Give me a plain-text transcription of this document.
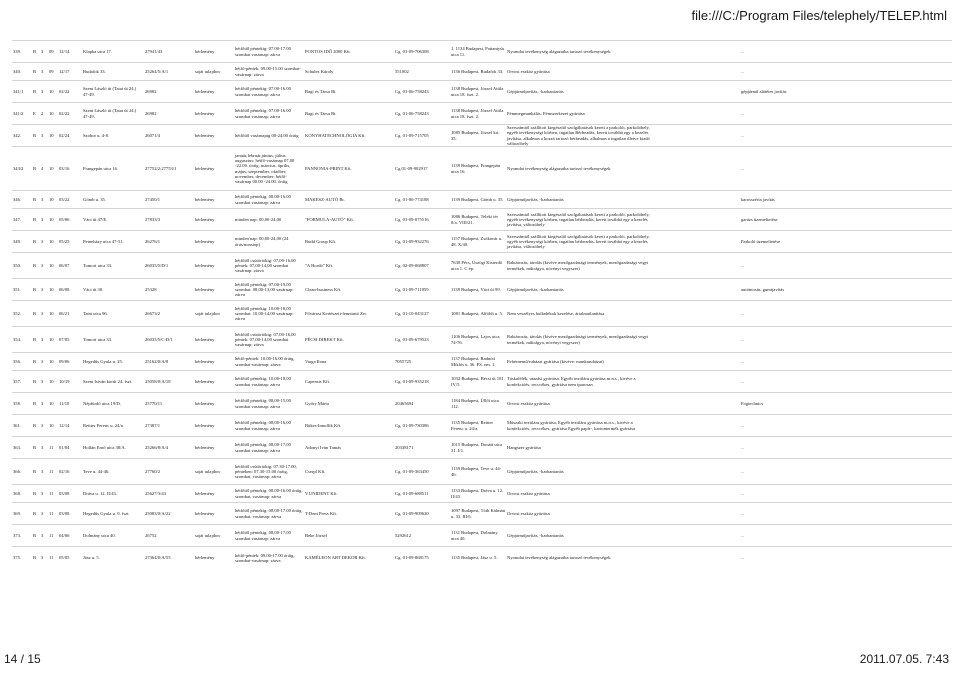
file:///C:/Program Files/telephely/TELEP.html
339.	B	3	09	12/14	Klapka utca 17.	27941/43	bérlemény	hétfőtől péntekig: 07.00-17.00 szombat vasárnap: zárva	PONTOS IDŐ 2000 Kft.	Cg. 01-09-706308	1. 1134 Budapest, Pattantyús utca 11.	Nyomdai tevékenység alágazatba tartozó tevékenységek		...
340.	B	3	09	12/17	Budafok 33.	25264/5/A/1	saját tulajdon	hétfő-péntek: 09.00-15.00 szombat-vasárnap: zárva	Schulez Károly	551002	1136 Budapest, Budafok 33.	Orvosi eszköz gyártása		...
341/1	B	3	10	02/22	Szent László út (Tatai út 24.) 47-49.	26982	bérlemény	hétfőtől péntekig: 07.00-16.00 szombat vasárnap: zárva	Bagi és Társa Bt.	Cg. 01-06-758243	1138 Budapest, József Attila utca 18. fszt. 2.	Gépjárműjavítás, -karbantartás		gépjármű alátétes javítás
341/2	E	2	10	02/22	Szent László út (Tatai út 24.) 47-49.	26982	bérlemény	hétfőtől péntekig: 07.00-16.00 szombat vasárnap: zárva	Bagi és Társa Bt.	Cg. 01-06-758243	1138 Budapest, József Attila utca 18. fszt. 2.	Fémmegmunkálás, Fémszerkezet gyártása		...
342.	B	3	10	02/24	Szobor u. 4-8.	26071/4	bérlemény	hétfőtől vasárnapig 00-24.00 óráig	KONYHATECHNOLÓGIA Kft.	Cg. 01-09-715705	1085 Budapest, József krt. 35.	Szerszámtól szállított kiegészítő szolgáltatások kereti a parkolói, parkolóhely, egyéb tevékenységi körben, ingatlan Bérbeadás, kereti továbbá egy a kezelés javítása, alkalmas a hozzá tartozó bérbeadás, alkalmas a ingatlan illetve kiadó változóhely		...
343/2	B	4	10	03/16	Frangepán utca 16.	27752/2;27753/1	bérlemény	január,február,június, július, augusztus: hétfő-vasárnap 07.00 -22.00. óráig, március, április, május, szeptember, október, november, december: hétfő-vasárnap 00.00 -24.00. óráig	PANNONIA-PRINT Kft.	Cg.01-09-902917	1139 Budapest, Frangepán utca 16.	Nyomdai tevékenység alágazatba tartozó tevékenységek		...
346.	B	3	10	03/22	Gömb u. 35.	27450/1	bérlemény	hétfőtől péntekig: 08.00-16.00 szombat vasárnap: zárva	MAKESZ-AUTÓ Bt.	Cg. 01-06-774188	1139 Budapest, Gömb u. 35.	Gépjárműjavítás, -karbantartás		karosszéria javítás
347.	B	3	10	05/06	Váci út 47/E.	27833/3	bérlemény	minden nap: 00,00-24,00	"FORMULA-AUTÓ" Kft.	Cg. 01-09-075516	1086 Budapest, Teleki tér 8/a. VIII/21.	Szerszámtól szállított kiegészítő szolgáltatások kereti a parkolói, parkolóhely, egyéb tevékenységi körben, ingatlan bérbeadás, kereti továbbá egy a kezelés javítása, változóhely		garázs üzemeltetése
349.	B	3	10	05/25	Petneházy utca 47-51.	26276/1	bérlemény	minden nap: 00,00-24,00 (24 órás/nonstop)	Budd Group Kft.	Cg. 01-09-932276	1157 Budapest, Zsókavár u. 48. X/40.	Szerszámtól szállított kiegészítő szolgáltatások kereti a parkolói, parkolóhely, egyéb tevékenységi körben, ingatlan bérbeadás, kereti továbbá egy a kezelés javítása, változóhely		Parkoló üzemeltetése
350.	B	3	10	06/07	Tomori utca 33.	26035/5/D/1	bérlemény	hétfőtől csütörtökig: 07,00-16,00 péntek: 07,00-14,00 szombat vasárnap: zárva	"A Hordó" Kft.	Cg. 02-09-068807	7630 Pécs, Üszögi Kisterdő utca 1. C ép.	Raktározás, tárolás (kivéve mezőgazdasági termények, mezőgazdasági vegyi termékek, műtrágya, növényi vegyszer)		...
351.	B	3	10	06/08	Váci út 30.	25328	bérlemény	hétfőtől péntekig: 07,00-19,00 szombat: 08,00-13,00 vasárnap: zárva	Clean-business Kft.	Cg. 01-09-711859	1139 Budapest, Váci út 99.	Gépjárműjavítás, -karbantartás		autómosás, gumijavítás
352.	B	3	10	06/21	Tatai utca 96.	26673/2	saját tulajdon	hétfőtől péntekig: 10,00-18,00 szombat: 10,00-14,00 vasárnap: zárva	Fővárosi Kertészeti-fenntartó Zrt.	Cg. 01-10-043127	1081 Budapest, Alföldi u. 5.	Nem veszélyes hulladékok kezelése, ártalmatlanítása		...
354.	B	3	10	07/05	Tomori utca 33.	26035/5/C-D/1	bérlemény	hétfőtől csütörtökig: 07,00-16,00 péntek: 07,00-14,00 szombat vasárnap: zárva	PÉCSI DIREKT Kft.	Cg. 01-09-679523	1106 Budapest, Lajos utca 74-76.	Raktározás, tárolás (kivéve mezőgazdasági termények, mezőgazdasági vegyi termékek, műtrágya, növényi vegyszer)		...
356.	B	3	10	09/06	Hegedűs Gyula u. 25.	25162/0/A/8	bérlemény	hétfő-péntek: 10.00-16.00 óráig, szombat-vasárnap: zárva	Varga Ilona	7055725	1137 Budapest, Radnóti Miklós u. 36. FS. em. 1.	Fehérnemű/ruházat gyártása (kivéve: munkaruházat)		...
357.	B	3	10	10/19	Szent István körút 24. fszt.	25058/0/A/18	bérlemény	hétfőtől péntekig: 10,00-18,00 szombat vasárnap: zárva	Capensis Kft.	Cg. 01-09-935218	1032 Budapest, Bécsi út 181. IV/5.	Táskafélék, utazási gyártása, Egyéb textiláru gyártása m.n.s., kivéve a konfekcióés, recccékes, gyártása nem iparosan		...
358.	B	3	10	11/10	Népfürdő utca 19/D.	25770/11	bérlemény	hétfőtől péntekig: 08,00-15,00 szombat vasárnap: zárva	Győry Márta	20465694	1184 Budapest, Üllői utca 112.	Orvosi eszköz gyártása		Fogtechnics
361.	B	3	10	12/14	Reitter Ferenc u. 24/a.	27387/1	bérlemény	hétfőtől péntekig: 08,00-16,00 szombat vasárnap: zárva	Bükes-Innoflik Kft.	Cg. 01-09-730386	1135 Budapest, Reitter Ferenc u. 24/a.	Műszaki textiláru gyártása, Egyéb textiláru gyártása m.n.s., kivéve a konfekcióés, recccékes, gyártása Egyéb papír-, kartontermék gyártása		...
363.	B	3	11	01/04	Hollán Ernő utca 38/A.	25266/8/A/4	bérlemény	hétfőtől péntekig: 08,00-17,00 szombat vasárnap: zárva	Adonyi Iván Tamás	20338171	1015 Budapest, Donáti utca 31. I/1.	Hangszer gyártása		...
366.	B	3	11	02/16	Teve u. 44-46.	27760/2	saját tulajdon	hétfőtől csütörtökig: 07.30-17.00, pénteken: 07.30-15.00 óráig, szombat, vasárnap: zárva	Cserpl Kft.	Cg. 01-09-363450	1139 Budapest, Teve u. 44-46.	Gépjárműjavítás, -karbantartás		...
368.	B	3	11	03/08	Dráva u. 12. II/43.	25627/3/43	bérlemény	hétfőtől péntekig: 08.00-16.00 óráig, szombat, vasárnap: zárva	V.UNIDENT Kft.	Cg. 01-09-688511	1133 Budapest, Dráva u. 12. II/43.	Orvosi eszköz gyártása		...
369.	B	3	11	03/08	Hegedűs Gyula u. 9. fszt.	25083/0/A/22	bérlemény	hétfőtől péntekig: 08.00-17.00 óráig, szombat, vasárnap: zárva	T-Dent Press Kft.	Cg. 01-09-909620	1097 Budapest, Tóth Kálmán u. 33. III/6.	Orvosi eszköz gyártása		...
373.	B	3	11	04/06	Dolmány utca 40.	26752	saját tulajdon	hétfőtől péntekig: 08,00-17,00 szombat vasárnap: zárva	Beke József	5292612	1131 Budapest, Dolmány utca 40.	Gépjárműjavítás, -karbantartás		...
375.	B	3	11	05/05	Jász u. 5.	27364/0/A/55	bérlemény	hétfő-péntek: 09.00-17.00 óráig, szombat-vasárnap: zárva	KAMÉLEON ART DEKOR Kft.	Cg. 01-09-868175	1135 Budapest, Jász u. 5.	Nyomdai tevékenység alágazatba tartozó tevékenységek		...
14 / 15	2011.07.05. 7:43
